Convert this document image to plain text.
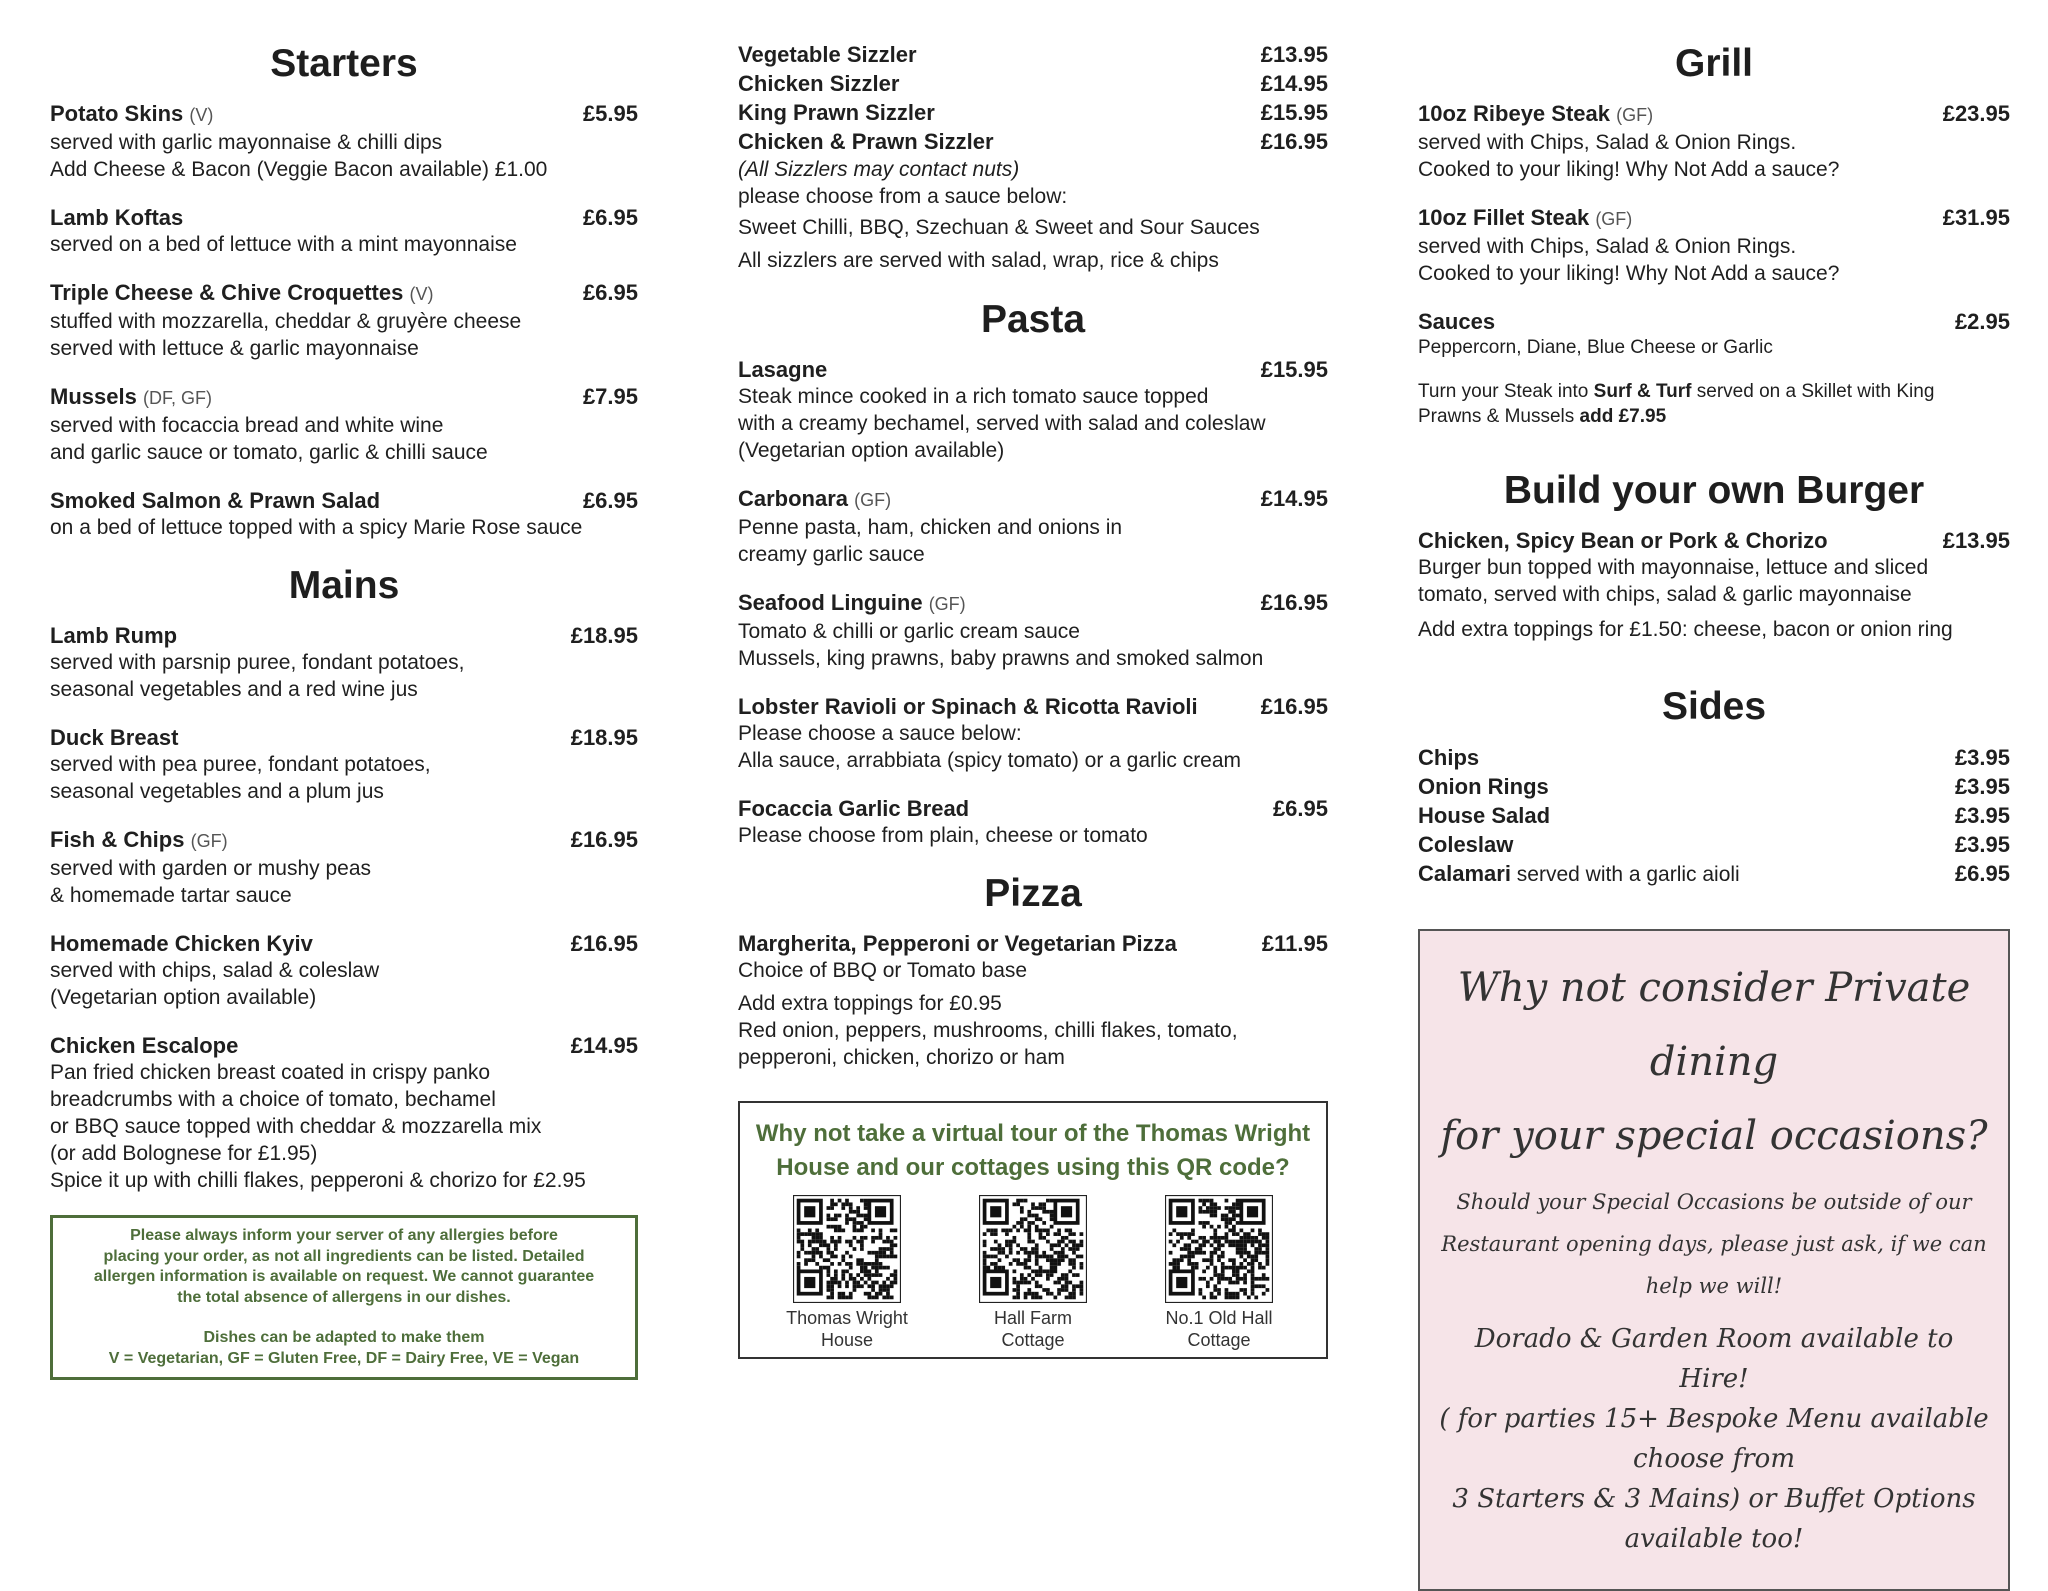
Starters
Potato Skins (V)	£5.95
served with garlic mayonnaise & chilli dips
Add Cheese & Bacon (Veggie Bacon available) £1.00
Lamb Koftas	£6.95
served on a bed of lettuce with a mint mayonnaise
Triple Cheese & Chive Croquettes (V)	£6.95
stuffed with mozzarella, cheddar & gruyère cheese
served with lettuce & garlic mayonnaise
Mussels (DF, GF)	£7.95
served with focaccia bread and white wine
and garlic sauce or tomato, garlic & chilli sauce
Smoked Salmon & Prawn Salad	£6.95
on a bed of lettuce topped with a spicy Marie Rose sauce
Mains
Lamb Rump	£18.95
served with parsnip puree, fondant potatoes,
seasonal vegetables and a red wine jus
Duck Breast	£18.95
served with pea puree, fondant potatoes,
seasonal vegetables and a plum jus
Fish & Chips (GF)	£16.95
served with garden or mushy peas
& homemade tartar sauce
Homemade Chicken Kyiv	£16.95
served with chips, salad & coleslaw
(Vegetarian option available)
Chicken Escalope	£14.95
Pan fried chicken breast coated in crispy panko
breadcrumbs with a choice of tomato, bechamel
or BBQ sauce topped with cheddar & mozzarella mix
(or add Bolognese for £1.95)
Spice it up with chilli flakes, pepperoni & chorizo for £2.95
Please always inform your server of any allergies before
placing your order, as not all ingredients can be listed. Detailed
allergen information is available on request. We cannot guarantee
the total absence of allergens in our dishes.
Dishes can be adapted to make them
V = Vegetarian, GF = Gluten Free, DF = Dairy Free, VE = Vegan
Vegetable Sizzler	£13.95
Chicken Sizzler	£14.95
King Prawn Sizzler	£15.95
Chicken & Prawn Sizzler	£16.95
(All Sizzlers may contact nuts)
please choose from a sauce below:
Sweet Chilli, BBQ, Szechuan & Sweet and Sour Sauces
All sizzlers are served with salad, wrap, rice & chips
Pasta
Lasagne	£15.95
Steak mince cooked in a rich tomato sauce topped
with a creamy bechamel, served with salad and coleslaw
(Vegetarian option available)
Carbonara (GF)	£14.95
Penne pasta, ham, chicken and onions in
creamy garlic sauce
Seafood Linguine (GF)	£16.95
Tomato & chilli or garlic cream sauce
Mussels, king prawns, baby prawns and smoked salmon
Lobster Ravioli or Spinach & Ricotta Ravioli	£16.95
Please choose a sauce below:
Alla sauce, arrabbiata (spicy tomato) or a garlic cream
Focaccia Garlic Bread	£6.95
Please choose from plain, cheese or tomato
Pizza
Margherita, Pepperoni or Vegetarian Pizza	£11.95
Choice of BBQ or Tomato base
Add extra toppings for £0.95
Red onion, peppers, mushrooms, chilli flakes, tomato,
pepperoni, chicken, chorizo or ham
Why not take a virtual tour of the Thomas Wright
House and our cottages using this QR code?
Thomas Wright
House
Hall Farm
Cottage
No.1 Old Hall
Cottage
Grill
10oz Ribeye Steak (GF)	£23.95
served with Chips, Salad & Onion Rings.
Cooked to your liking! Why Not Add a sauce?
10oz Fillet Steak (GF)	£31.95
served with Chips, Salad & Onion Rings.
Cooked to your liking! Why Not Add a sauce?
Sauces	£2.95
Peppercorn, Diane, Blue Cheese or Garlic
Turn your Steak into Surf & Turf served on a Skillet with King
Prawns & Mussels add £7.95
Build your own Burger
Chicken, Spicy Bean or Pork & Chorizo	£13.95
Burger bun topped with mayonnaise, lettuce and sliced
tomato, served with chips, salad & garlic mayonnaise
Add extra toppings for £1.50: cheese, bacon or onion ring
Sides
Chips	£3.95
Onion Rings	£3.95
House Salad	£3.95
Coleslaw	£3.95
Calamari served with a garlic aioli	£6.95
Why not consider Private dining
for your special occasions?
Should your Special Occasions be outside of our
Restaurant opening days, please just ask, if we can help we will!
Dorado & Garden Room available to Hire!
( for parties 15+ Bespoke Menu available choose from
3 Starters & 3 Mains) or Buffet Options available too!
